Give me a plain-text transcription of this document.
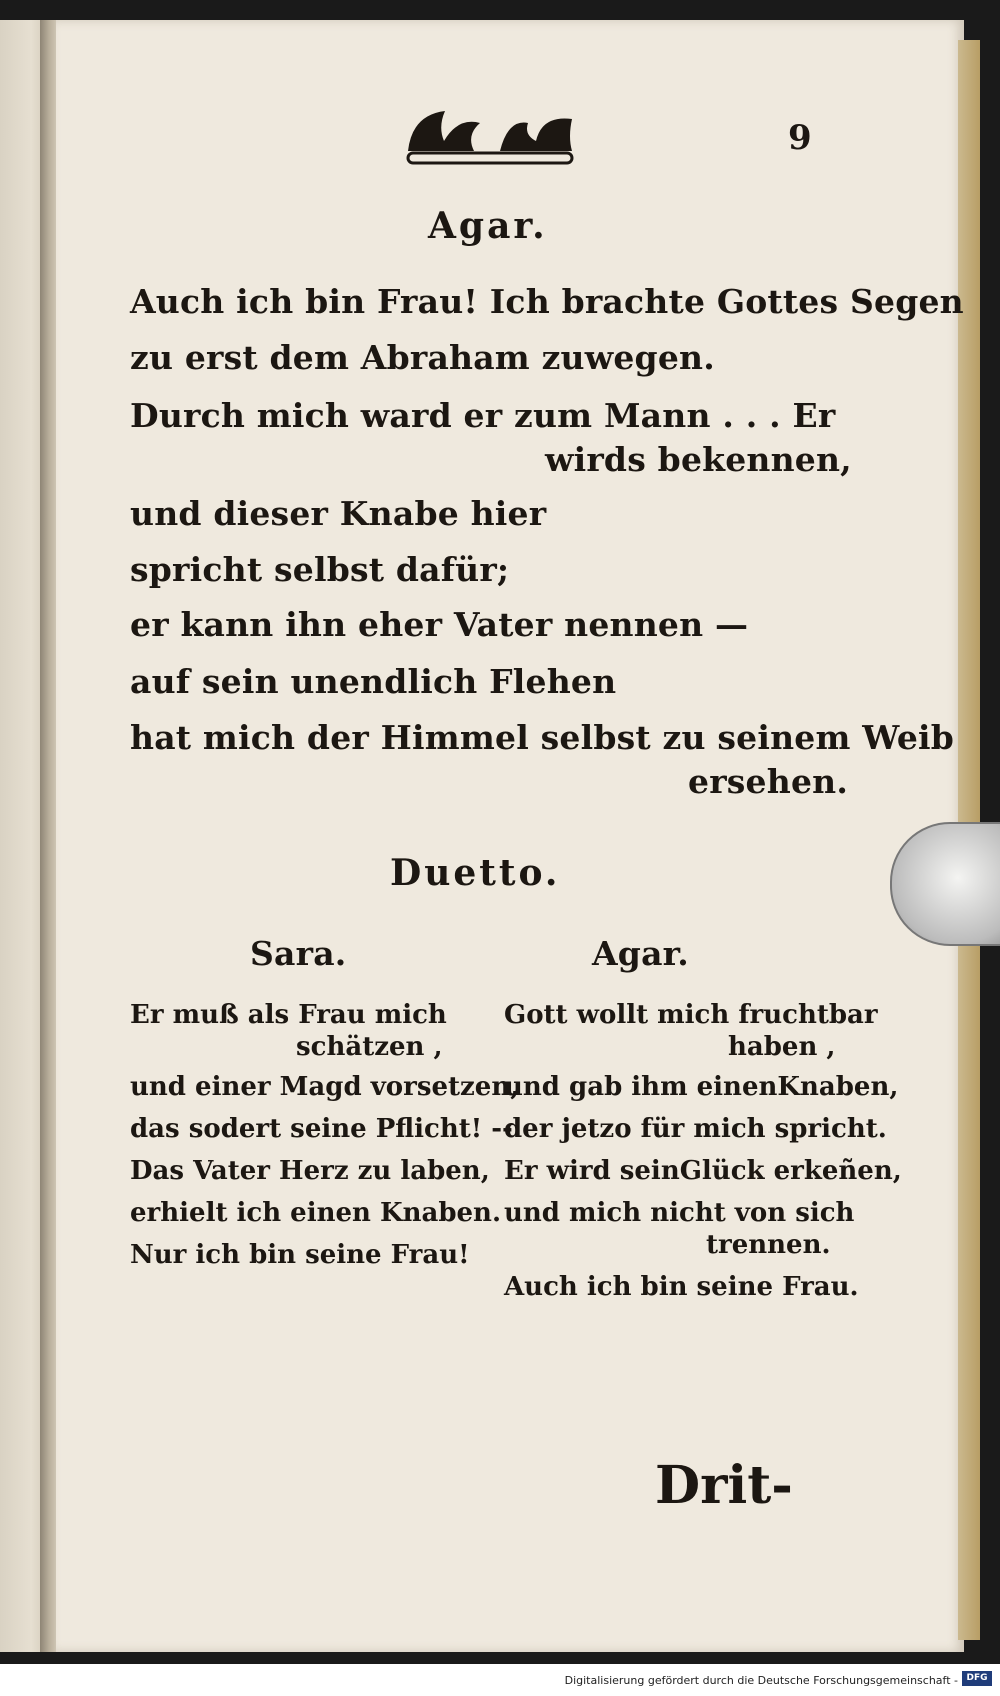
9
Agar.
Auch ich bin Frau! Ich brachte Gottes Segen
zu erst dem Abraham zuwegen.
Durch mich ward er zum Mann . . . Er
wirds bekennen,
und dieser Knabe hier
spricht selbst dafür;
er kann ihn eher Vater nennen —
auf sein unendlich Flehen
hat mich der Himmel selbst zu seinem Weib
ersehen.
Duetto.
Sara.	Agar.
Er muß als Frau mich
schätzen ,
und einer Magd vorsetzen,
das sodert seine Pflicht! --
Das Vater Herz zu laben,
erhielt ich einen Knaben.
Nur ich bin seine Frau!
Gott wollt mich fruchtbar
haben ,
und gab ihm einenKnaben,
der jetzo für mich spricht.
Er wird seinGlück erkeñen,
und mich nicht von sich
trennen.
Auch ich bin seine Frau.
Drit-
Digitalisierung gefördert durch die Deutsche Forschungsgemeinschaft - DFG
